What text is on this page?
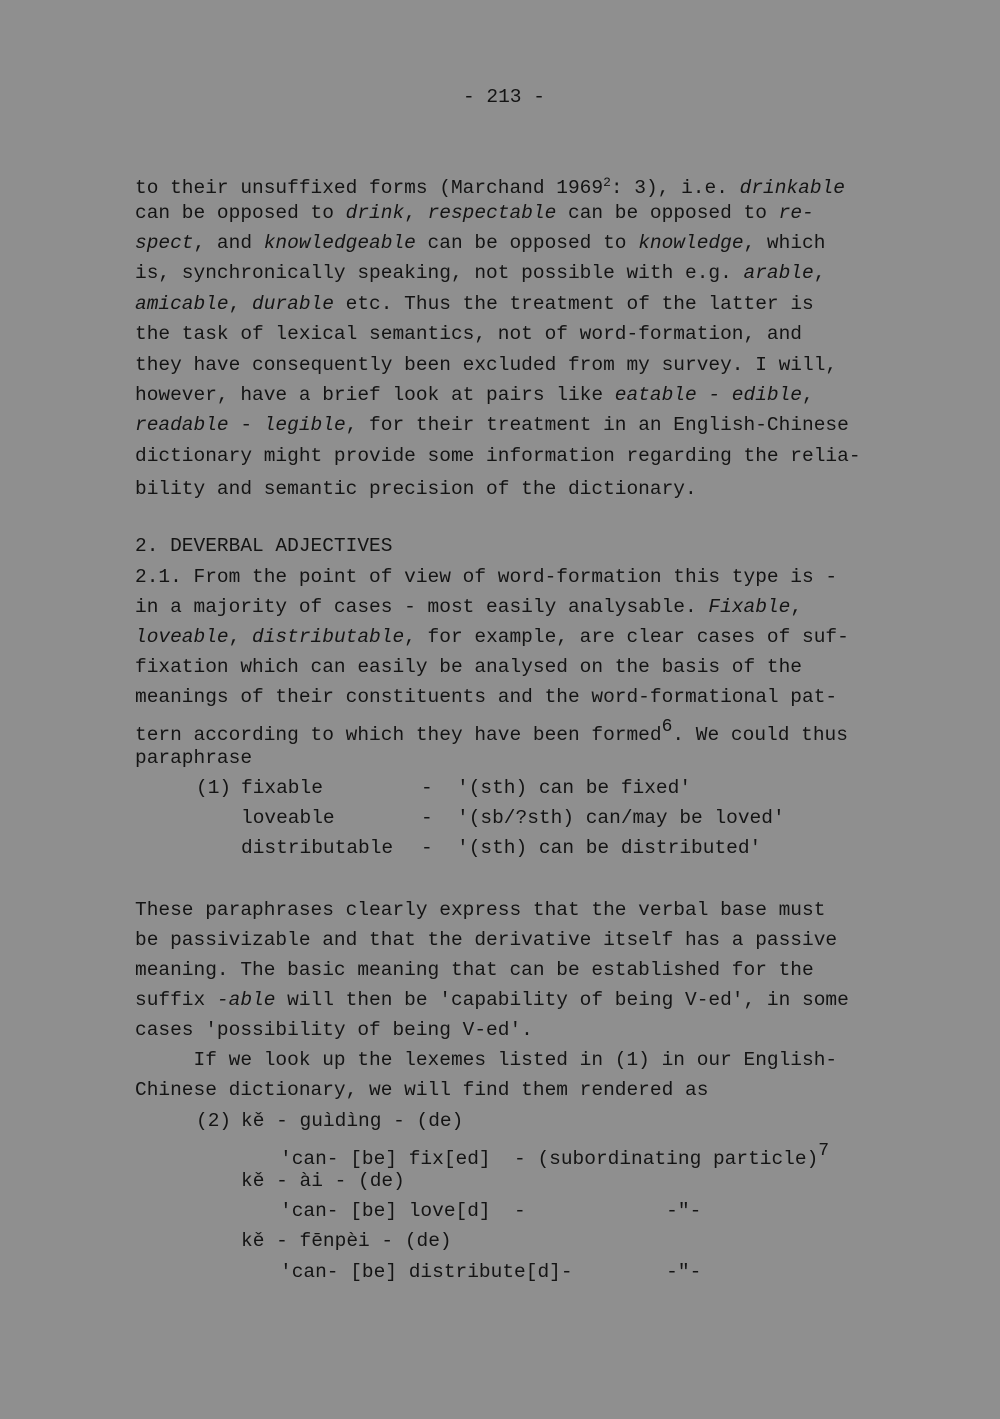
- 213 -
to their unsuffixed forms (Marchand 1969$^2$: 3), i.e. drinkable
can be opposed to drink, respectable can be opposed to re-
spect, and knowledgeable can be opposed to knowledge, which
is, synchronically speaking, not possible with e.g. arable,
amicable, durable etc. Thus the treatment of the latter is
the task of lexical semantics, not of word-formation, and
they have consequently been excluded from my survey. I will,
however, have a brief look at pairs like eatable - edible,
readable - legible, for their treatment in an English-Chinese
dictionary might provide some information regarding the relia-
bility and semantic precision of the dictionary.
2. DEVERBAL ADJECTIVES
2.1. From the point of view of word-formation this type is -
in a majority of cases - most easily analysable. Fixable,
loveable, distributable, for example, are clear cases of suf-
fixation which can easily be analysed on the basis of the
meanings of their constituents and the word-formational pat-
tern according to which they have been formed6. We could thus
paraphrase
(1) fixable	- '(sth) can be fixed'
loveable	- '(sb/?sth) can/may be loved'
distributable - '(sth) can be distributed'
These paraphrases clearly express that the verbal base must
be passivizable and that the derivative itself has a passive
meaning. The basic meaning that can be established for the
suffix -able will then be 'capability of being V-ed', in some
cases 'possibility of being V-ed'.
If we look up the lexemes listed in (1) in our English-
Chinese dictionary, we will find them rendered as
(2) kě - guìdìng - (de)
'can- [be] fix[ed]  - (subordinating particle)7
kě - ài - (de)
'can- [be] love[d]  -            -"-
kě - fēnpèi - (de)
'can- [be] distribute[d]-        -"-
